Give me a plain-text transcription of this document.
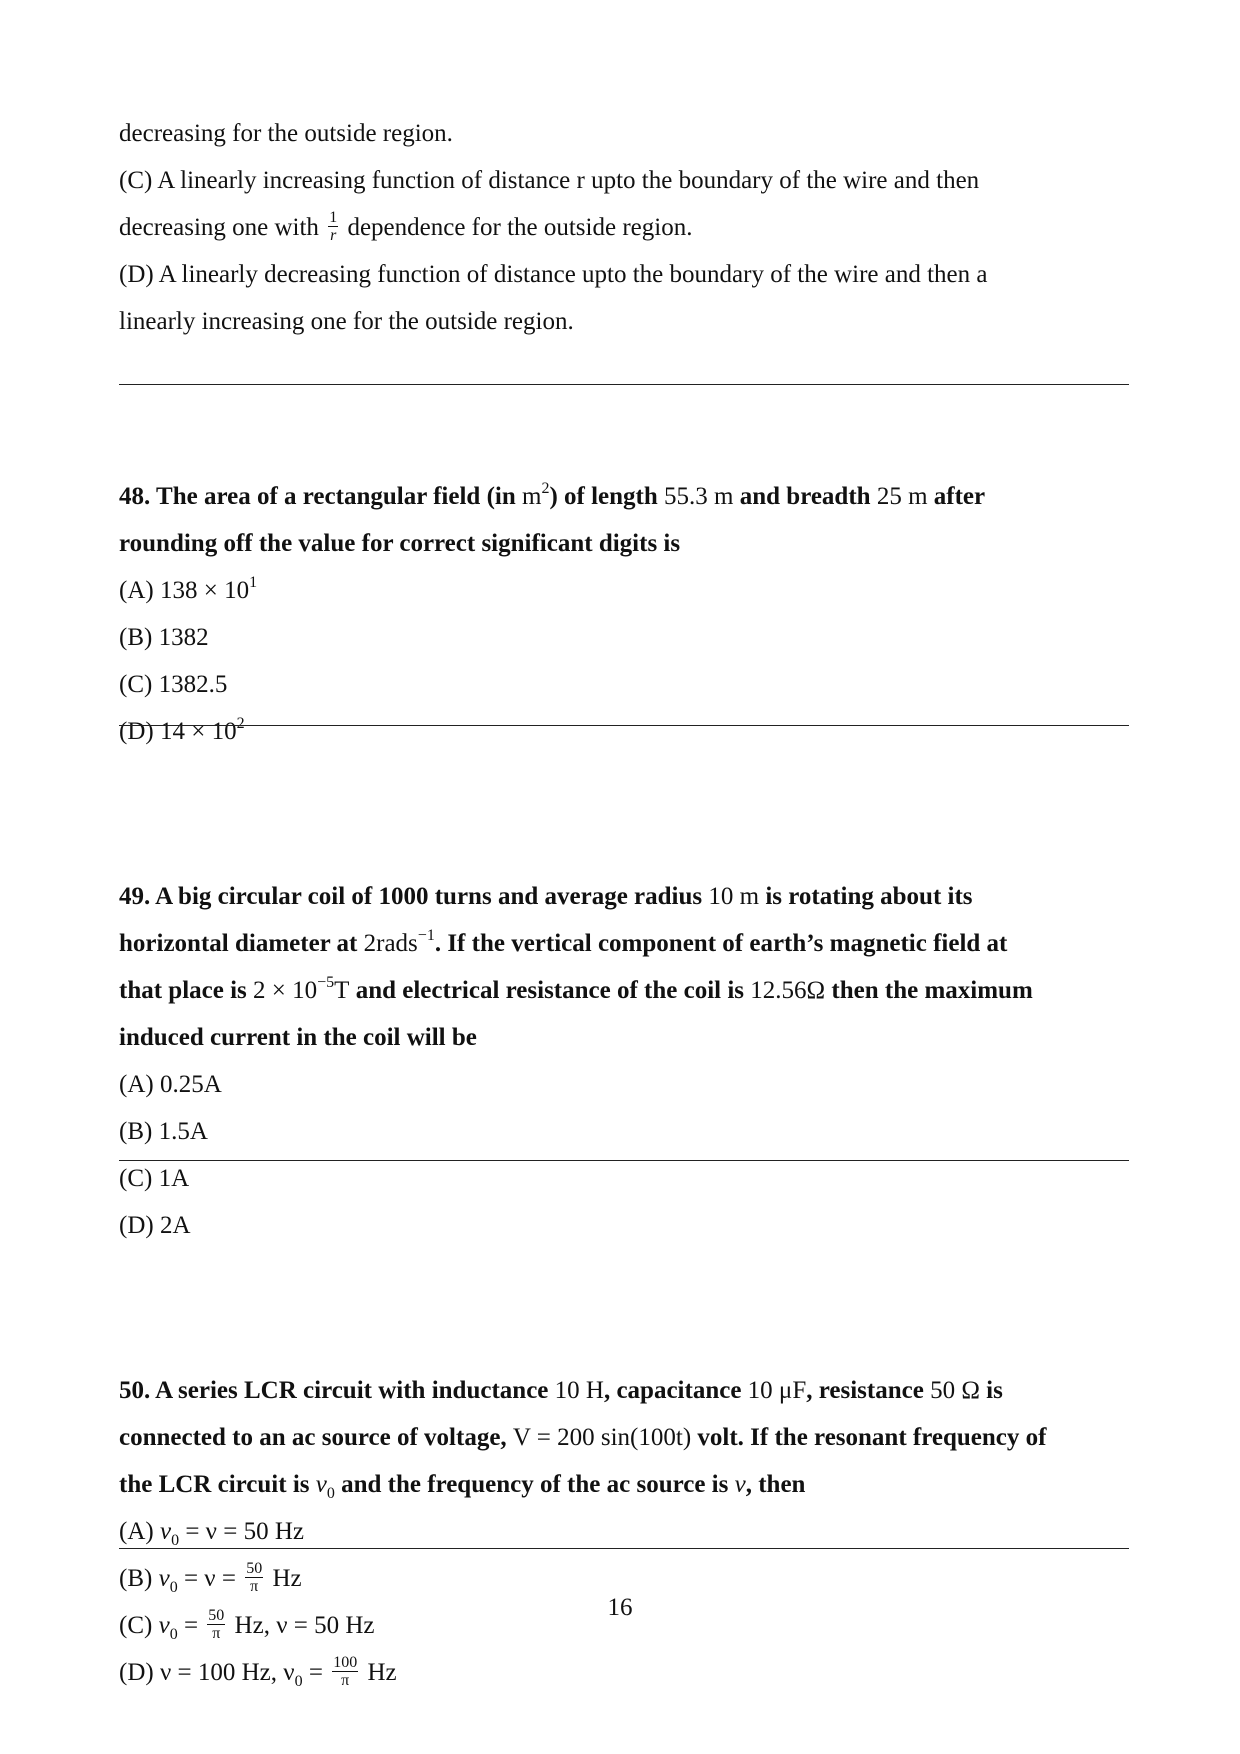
decreasing for the outside region.
(C) A linearly increasing function of distance r upto the boundary of the wire and then
decreasing one with $\frac{1}{r}$ dependence for the outside region.
(D) A linearly decreasing function of distance upto the boundary of the wire and then a
linearly increasing one for the outside region.
48. The area of a rectangular field (in $m^2$) of length 55.3 m and breadth 25 m after
rounding off the value for correct significant digits is
(A) $138 \times 10^1$
(B) 1382
(C) 1382.5
(D) $14 \times 10^2$
49. A big circular coil of 1000 turns and average radius 10 m is rotating about its
horizontal diameter at 2rads$^{-1}$. If the vertical component of earth’s magnetic field at
that place is $2 \times 10^{-5}T$ and electrical resistance of the coil is 12.56Ω then the maximum
induced current in the coil will be
(A) 0.25A
(B) 1.5A
(C) 1A
(D) 2A
50. A series LCR circuit with inductance 10 H, capacitance 10 μF, resistance 50 Ω is
connected to an ac source of voltage, V = 200 sin(100t) volt. If the resonant frequency of
the LCR circuit is $\nu_0$ and the frequency of the ac source is ν, then
(A) $\nu_0 = \nu = 50$ Hz
(B) $\nu_0 = \nu = \frac{50}{\pi}$ Hz
(C) $\nu_0 = \frac{50}{\pi} Hz$, ν = 50 Hz
(D) ν = 100 Hz, $\nu_0 = \frac{100}{\pi}$ Hz
16
